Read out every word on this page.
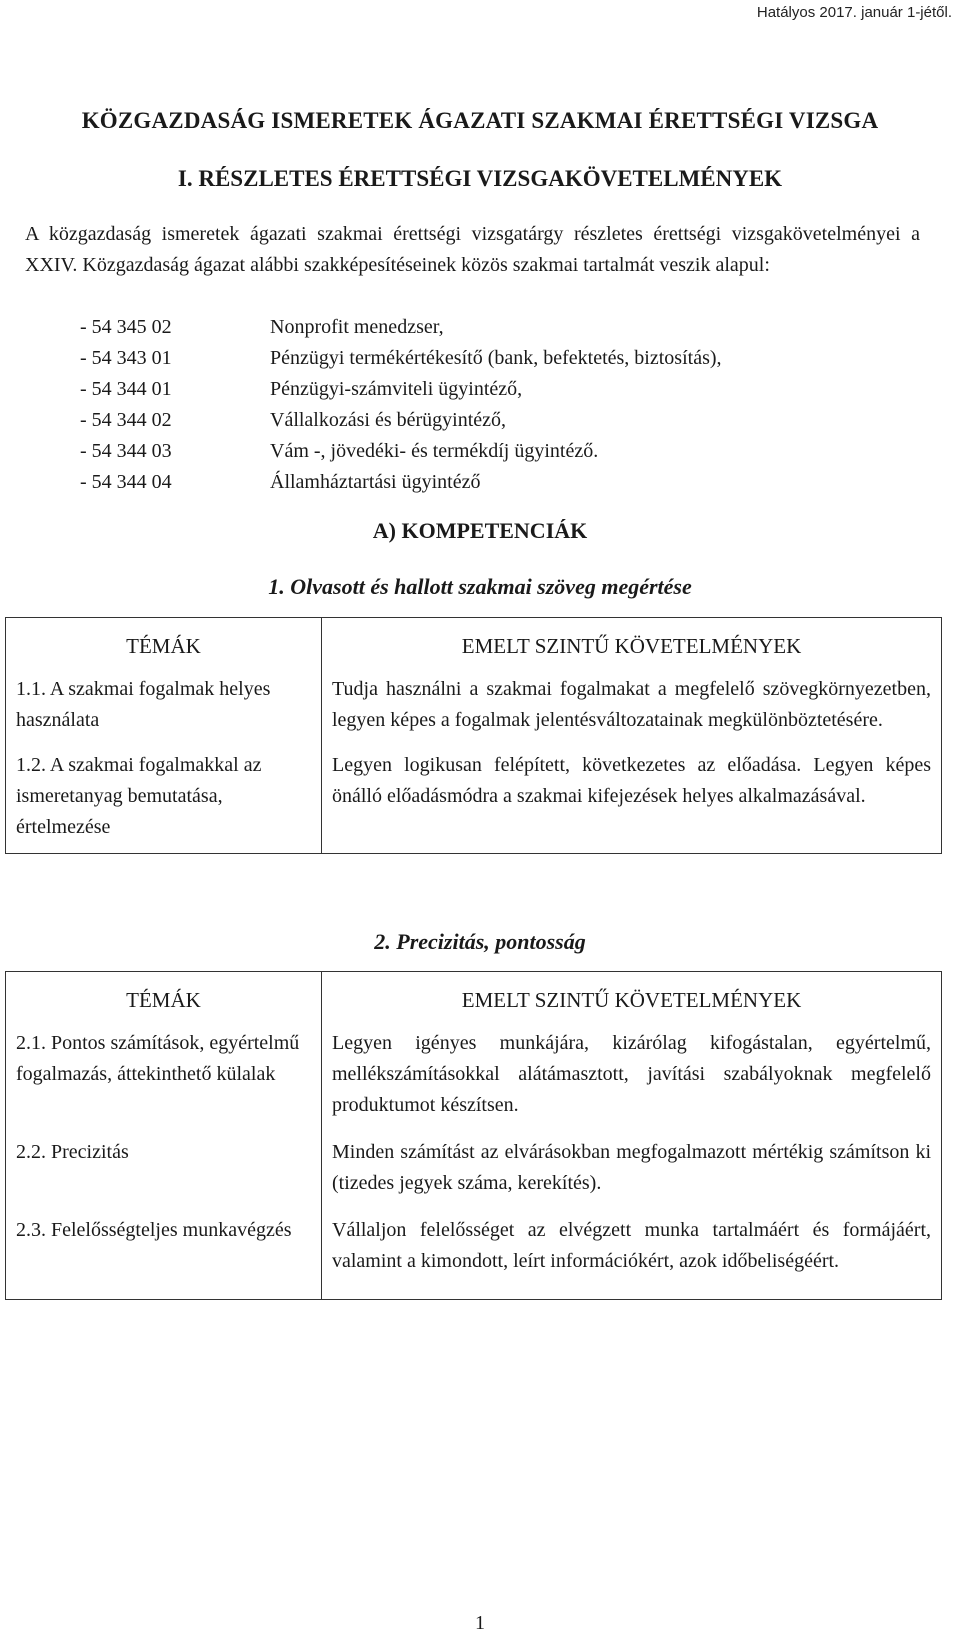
Hatályos 2017. január 1-jétől.
KÖZGAZDASÁG ISMERETEK ÁGAZATI SZAKMAI ÉRETTSÉGI VIZSGA
I. RÉSZLETES ÉRETTSÉGI VIZSGAKÖVETELMÉNYEK
A közgazdaság ismeretek ágazati szakmai érettségi vizsgatárgy részletes érettségi vizsgakövetelményei a XXIV. Közgazdaság ágazat alábbi szakképesítéseinek közös szakmai tartalmát veszik alapul:
- 54 345 02	Nonprofit menedzser,
- 54 343 01	Pénzügyi termékértékesítő (bank, befektetés, biztosítás),
- 54 344 01	Pénzügyi-számviteli ügyintéző,
- 54 344 02	Vállalkozási és bérügyintéző,
- 54 344 03	Vám -, jövedéki- és termékdíj ügyintéző.
- 54 344 04	Államháztartási ügyintéző
A) KOMPETENCIÁK
1. Olvasott és hallott szakmai szöveg megértése
TÉMÁK	EMELT SZINTŰ KÖVETELMÉNYEK
1.1. A szakmai fogalmak helyes használata	Tudja használni a szakmai fogalmakat a megfelelő szövegkörnyezetben, legyen képes a fogalmak jelentésváltozatainak megkülönböztetésére.
1.2. A szakmai fogalmakkal az ismeretanyag bemutatása, értelmezése	Legyen logikusan felépített, következetes az előadása. Legyen képes önálló előadásmódra a szakmai kifejezések helyes alkalmazásával.
2. Precizitás, pontosság
TÉMÁK	EMELT SZINTŰ KÖVETELMÉNYEK
2.1. Pontos számítások, egyértelmű fogalmazás, áttekinthető külalak	Legyen igényes munkájára, kizárólag kifogástalan, egyértelmű, mellékszámításokkal alátámasztott, javítási szabályoknak megfelelő produktumot készítsen.
2.2. Precizitás	Minden számítást az elvárásokban megfogalmazott mértékig számítson ki (tizedes jegyek száma, kerekítés).
2.3. Felelősségteljes munkavégzés	Vállaljon felelősséget az elvégzett munka tartalmáért és formájáért, valamint a kimondott, leírt információkért, azok időbeliségéért.
1
